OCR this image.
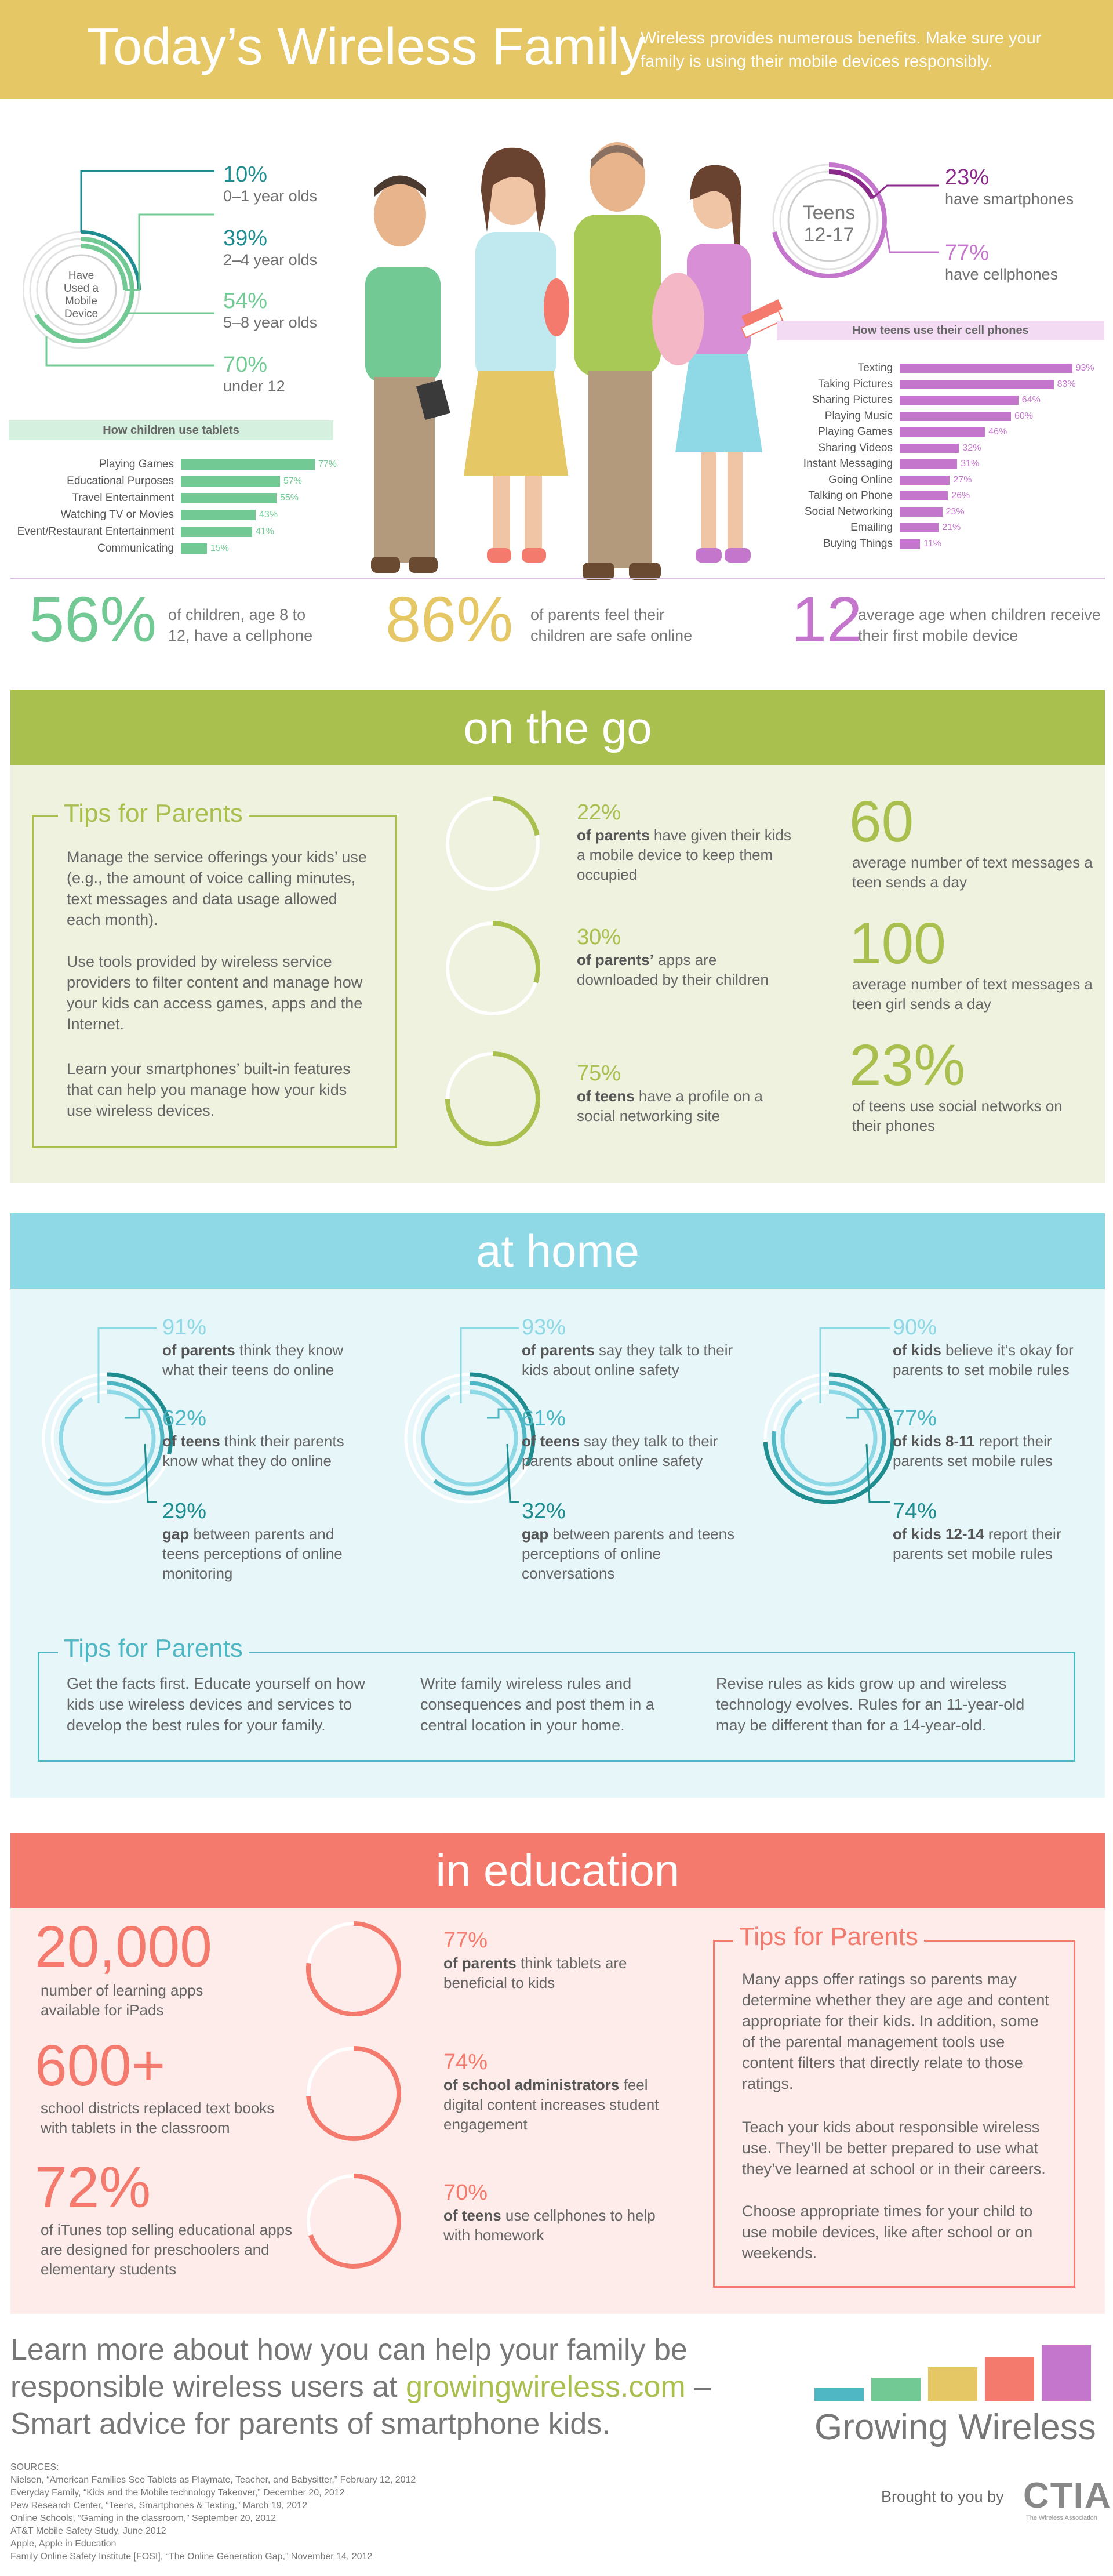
Today’s Wireless Family
Wireless provides numerous benefits. Make sure your family is using their mobile devices responsibly.
Have Used a Mobile Device
10%
0–1 year olds
39%
2–4 year olds
54%
5–8 year olds
70%
under 12
How children use tablets
Playing Games	77%
Educational Purposes	57%
Travel Entertainment	55%
Watching TV or Movies	43%
Event/Restaurant Entertainment	41%
Communicating	15%
Teens 12-17
23%
have smartphones
77%
have cellphones
How teens use their cell phones
Texting	93%
Taking Pictures	83%
Sharing Pictures	64%
Playing Music	60%
Playing Games	46%
Sharing Videos	32%
Instant Messaging	31%
Going Online	27%
Talking on Phone	26%
Social Networking	23%
Emailing	21%
Buying Things	11%
56% of children, age 8 to 12, have a cellphone 86% of parents feel their children are safe online 12
average age when children receive their first mobile device
on the go
Tips for Parents
Manage the service offerings your kids’ use (e.g., the amount of voice calling minutes, text messages and data usage allowed each month).
Use tools provided by wireless service providers to filter content and manage how your kids can access games, apps and the Internet.
Learn your smartphones’ built-in features that can help you manage how your kids use wireless devices.
22%
of parents have given their kids a mobile device to keep them occupied
30%
of parents’ apps are downloaded by their children
75%
of teens have a profile on a social networking site
60
average number of text messages a teen sends a day
100
average number of text messages a teen girl sends a day
23%
of teens use social networks on their phones
at home
91%
of parents think they know what their teens do online
62%
of teens think their parents know what they do online
29%
gap between parents and teens perceptions of online monitoring
93%
of parents say they talk to their kids about online safety
61%
of teens say they talk to their parents about online safety
32%
gap between parents and teens perceptions of online conversations
90%
of kids believe it’s okay for parents to set mobile rules
77%
of kids 8-11 report their parents set mobile rules
74%
of kids 12-14 report their parents set mobile rules
Tips for Parents
Get the facts first. Educate yourself on how kids use wireless devices and services to develop the best rules for your family.
Write family wireless rules and consequences and post them in a central location in your home.
Revise rules as kids grow up and wireless technology evolves. Rules for an 11-year-old may be different than for a 14-year-old.
in education
20,000
number of learning apps available for iPads
600+
school districts replaced text books with tablets in the classroom
72%
of iTunes top selling educational apps are designed for preschoolers and elementary students
77%
of parents think tablets are beneficial to kids
74%
of school administrators feel digital content increases student engagement
70%
of teens use cellphones to help with homework
Tips for Parents
Many apps offer ratings so parents may determine whether they are age and content appropriate for their kids. In addition, some of the parental management tools use content filters that directly relate to those ratings.
Teach your kids about responsible wireless use. They’ll be better prepared to use what they’ve learned at school or in their careers.
Choose appropriate times for your child to use mobile devices, like after school or on weekends.
Learn more about how you can help your family be responsible wireless users at growingwireless.com – Smart advice for parents of smartphone kids.	Growing Wireless
Brought to you by CTIA
The Wireless Association
SOURCES:
Nielsen, “American Families See Tablets as Playmate, Teacher, and Babysitter,” February 12, 2012
Everyday Family, “Kids and the Mobile technology Takeover,” December 20, 2012
Pew Research Center, “Teens, Smartphones & Texting,” March 19, 2012
Online Schools, “Gaming in the classroom,” September 20, 2012
AT&T Mobile Safety Study, June 2012
Apple, Apple in Education
Family Online Safety Institute [FOSI], “The Online Generation Gap,” November 14, 2012
